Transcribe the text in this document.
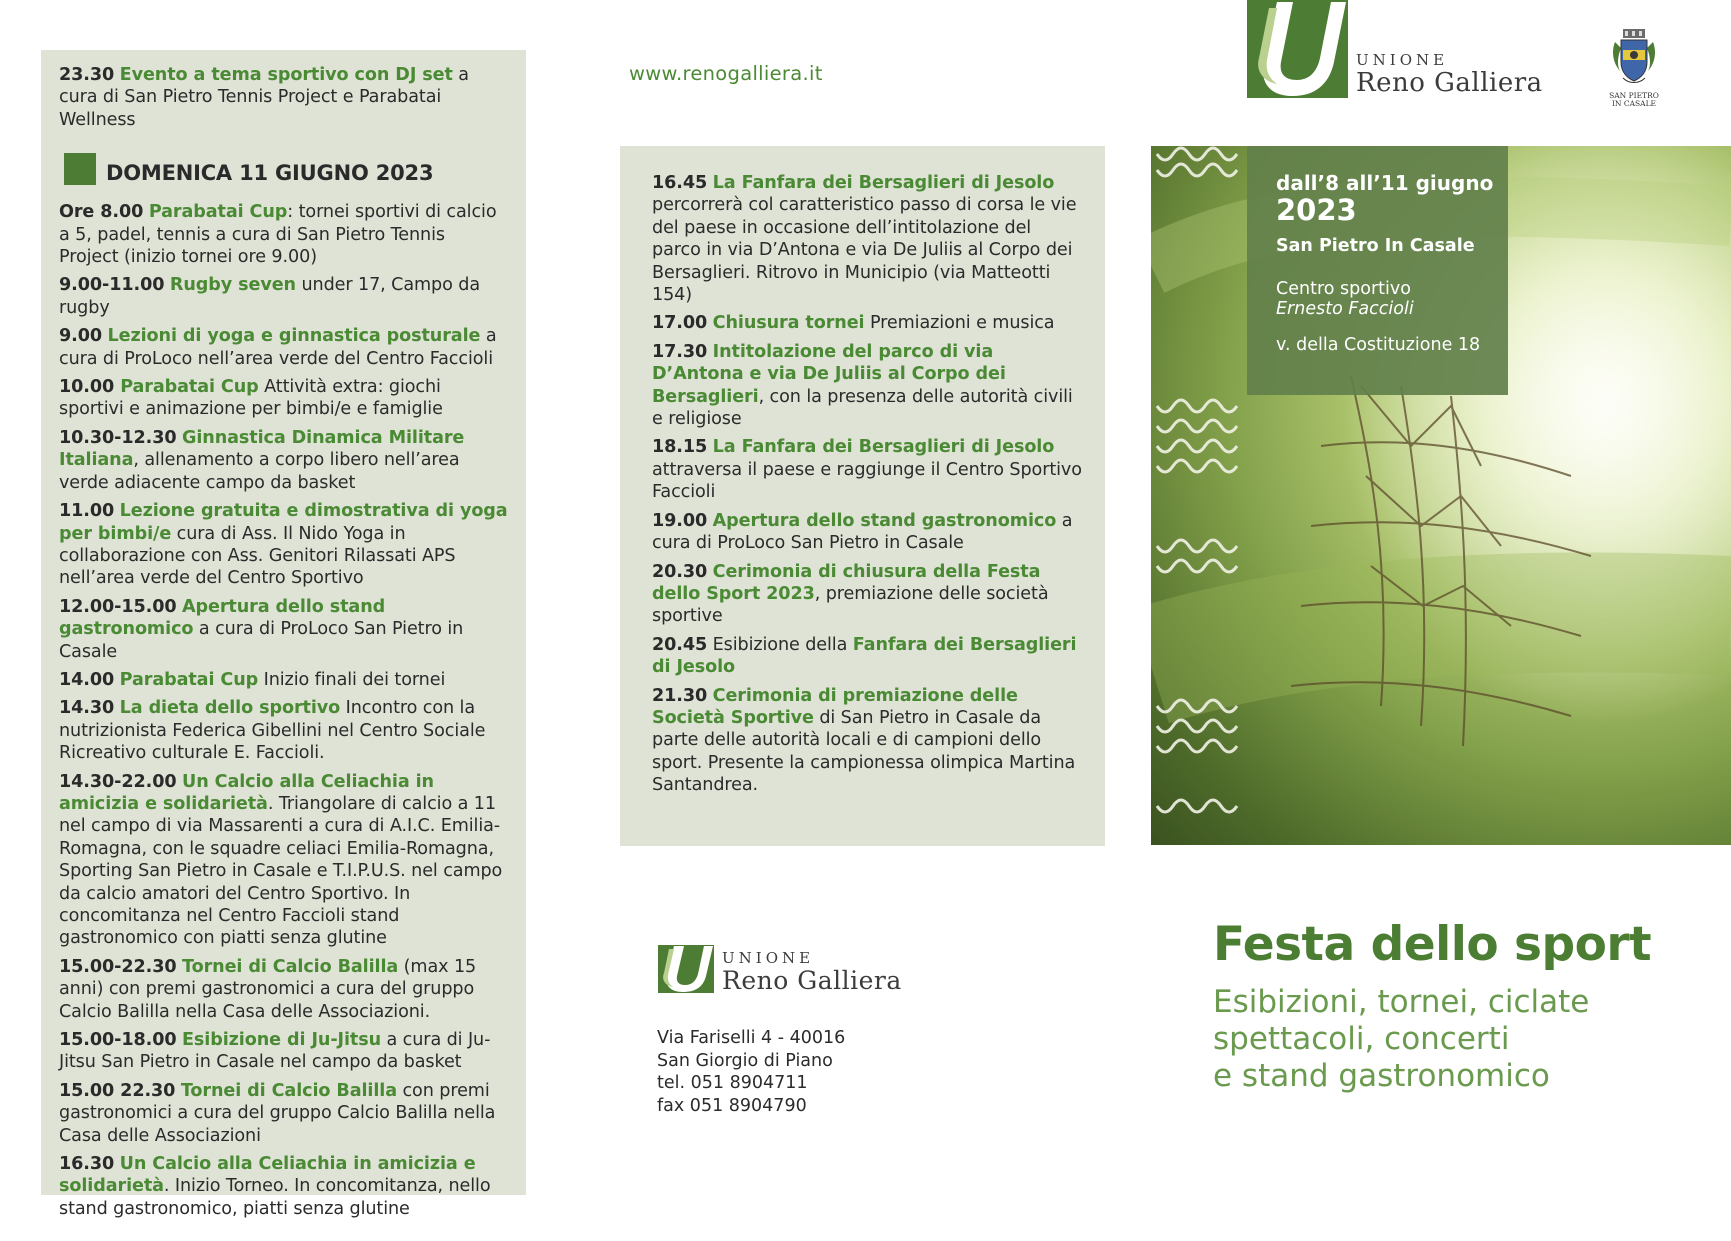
23.30 Evento a tema sportivo con DJ set a cura di San Pietro Tennis Project e Parabatai Wellness
DOMENICA 11 GIUGNO 2023
Ore 8.00 Parabatai Cup: tornei sportivi di calcio a 5, padel, tennis a cura di San Pietro Tennis Project (inizio tornei ore 9.00)
9.00-11.00 Rugby seven under 17, Campo da rugby
9.00 Lezioni di yoga e ginnastica posturale a cura di ProLoco nell’area verde del Centro Faccioli
10.00 Parabatai Cup Attività extra: giochi sportivi e animazione per bimbi/e e famiglie
10.30-12.30 Ginnastica Dinamica Militare Italiana, allenamento a corpo libero nell’area verde adiacente campo da basket
11.00 Lezione gratuita e dimostrativa di yoga per bimbi/e cura di Ass. Il Nido Yoga in collaborazione con Ass. Genitori Rilassati APS nell’area verde del Centro Sportivo
12.00-15.00 Apertura dello stand gastronomico a cura di ProLoco San Pietro in Casale
14.00 Parabatai Cup Inizio finali dei tornei
14.30 La dieta dello sportivo Incontro con la nutrizionista Federica Gibellini nel Centro Sociale Ricreativo culturale E. Faccioli.
14.30-22.00 Un Calcio alla Celiachia in amicizia e solidarietà. Triangolare di calcio a 11 nel campo di via Massarenti a cura di A.I.C. Emilia-Romagna, con le squadre celiaci Emilia-Romagna, Sporting San Pietro in Casale e T.I.P.U.S. nel campo da calcio amatori del Centro Sportivo. In concomitanza nel Centro Faccioli stand gastronomico con piatti senza glutine
15.00-22.30 Tornei di Calcio Balilla (max 15 anni) con premi gastronomici a cura del gruppo Calcio Balilla nella Casa delle Associazioni.
15.00-18.00 Esibizione di Ju-Jitsu a cura di Ju-Jitsu San Pietro in Casale nel campo da basket
15.00 22.30 Tornei di Calcio Balilla con premi gastronomici a cura del gruppo Calcio Balilla nella Casa delle Associazioni
16.30 Un Calcio alla Celiachia in amicizia e solidarietà. Inizio Torneo. In concomitanza, nello stand gastronomico, piatti senza glutine
www.renogalliera.it
UNIONE
Reno Galliera	SAN PIETRO
IN CASALE
16.45 La Fanfara dei Bersaglieri di Jesolo percorrerà col caratteristico passo di corsa le vie del paese in occasione dell’intitolazione del parco in via D’Antona e via De Juliis al Corpo dei Bersaglieri. Ritrovo in Municipio (via Matteotti 154)
17.00 Chiusura tornei Premiazioni e musica
17.30 Intitolazione del parco di via D’Antona e via De Juliis al Corpo dei Bersaglieri, con la presenza delle autorità civili e religiose
18.15 La Fanfara dei Bersaglieri di Jesolo attraversa il paese e raggiunge il Centro Sportivo Faccioli
19.00 Apertura dello stand gastronomico a cura di ProLoco San Pietro in Casale
20.30 Cerimonia di chiusura della Festa dello Sport 2023, premiazione delle società sportive
20.45 Esibizione della Fanfara dei Bersaglieri di Jesolo
21.30 Cerimonia di premiazione delle Società Sportive di San Pietro in Casale da parte delle autorità locali e di campioni dello sport. Presente la campionessa olimpica Martina Santandrea.
UNIONE
Reno Galliera
Via Fariselli 4 - 40016
San Giorgio di Piano
tel. 051 8904711
fax 051 8904790
dall’8 all’11 giugno
2023
San Pietro In Casale
Centro sportivo
Ernesto Faccioli
v. della Costituzione 18
Festa dello sport
Esibizioni, tornei, ciclate
spettacoli, concerti
e stand gastronomico
